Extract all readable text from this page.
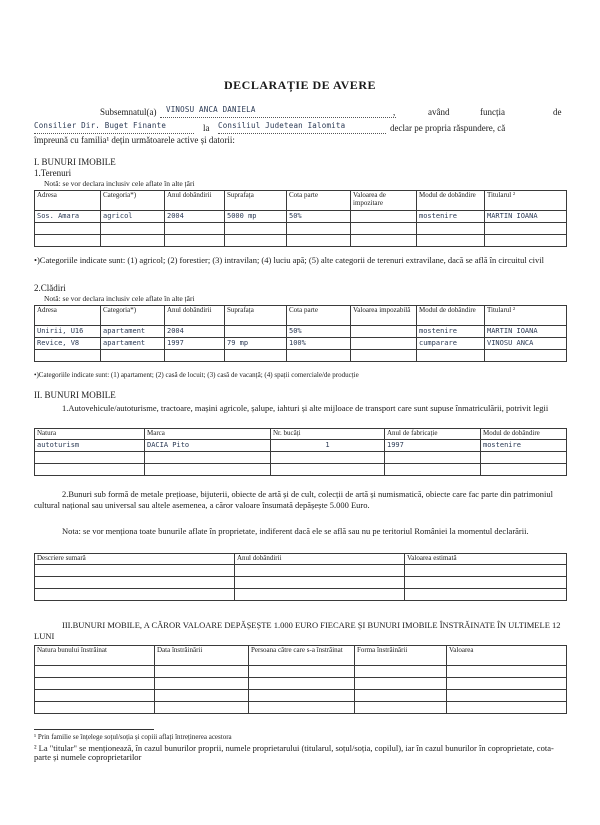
DECLARAȚIE DE AVERE
Subsemnatul(a)	VINOSU ANCA DANIELA	,	având	funcția	de
Consilier Dir. Buget Finante	la Consiliul Judetean Ialomita	declar pe propria răspundere, că
împreună cu familia¹ dețin următoarele active și datorii:
I. BUNURI IMOBILE
1.Terenuri
Notă: se vor declara inclusiv cele aflate în alte țări
Adresa	Categoria*)	Anul dobândirii	Suprafața	Cota parte	Valoarea de impozitare	Modul de dobândire	Titularul ²
Sos. Amara	agricol	2004	5000 mp	50%		mostenire	MARTIN IOANA

•)Categoriile indicate sunt: (1) agricol; (2) forestier; (3) intravilan; (4) luciu apă; (5) alte categorii de terenuri extravilane, dacă se află în circuitul civil
2.Clădiri
Notă: se vor declara inclusiv cele aflate în alte țări
Adresa	Categoria*)	Anul dobândirii	Suprafața	Cota parte	Valoarea impozabilă	Modul de dobândire	Titularul ²
Unirii, U16	apartament	2004		50%		mostenire	MARTIN IOANA
Revice, V8	apartament	1997	79 mp	100%		cumparare	VINOSU ANCA

•)Categoriile indicate sunt: (1) apartament; (2) casă de locuit; (3) casă de vacanță; (4) spații comerciale/de producție
II. BUNURI MOBILE
1.Autovehicule/autoturisme, tractoare, mașini agricole, șalupe, iahturi și alte mijloace de transport care sunt supuse înmatriculării, potrivit legii
Natura	Marca	Nr. bucăți	Anul de fabricație	Modul de dobândire
autoturism	DACIA Pito	1	1997	mostenire

2.Bunuri sub formă de metale prețioase, bijuterii, obiecte de artă și de cult, colecții de artă și numismatică, obiecte care fac parte din patrimoniul cultural național sau universal sau altele asemenea, a căror valoare însumată depășește 5.000 Euro.
Nota: se vor menționa toate bunurile aflate în proprietate, indiferent dacă ele se află sau nu pe teritoriul României la momentul declarării.
Descriere sumară	Anul dobândirii	Valoarea estimată

III.BUNURI MOBILE, A CĂROR VALOARE DEPĂȘEȘTE 1.000 EURO FIECARE ȘI BUNURI IMOBILE ÎNSTRĂINATE ÎN ULTIMELE 12 LUNI
Natura bunului înstrăinat	Data înstrăinării	Persoana către care s-a înstrăinat	Forma înstrăinării	Valoarea

¹ Prin familie se înțelege soțul/soția și copiii aflați întreținerea acestora
² La "titular" se menționează, în cazul bunurilor proprii, numele proprietarului (titularul, soțul/soția, copilul), iar în cazul bunurilor în coproprietate, cota-parte și numele coproprietarilor
